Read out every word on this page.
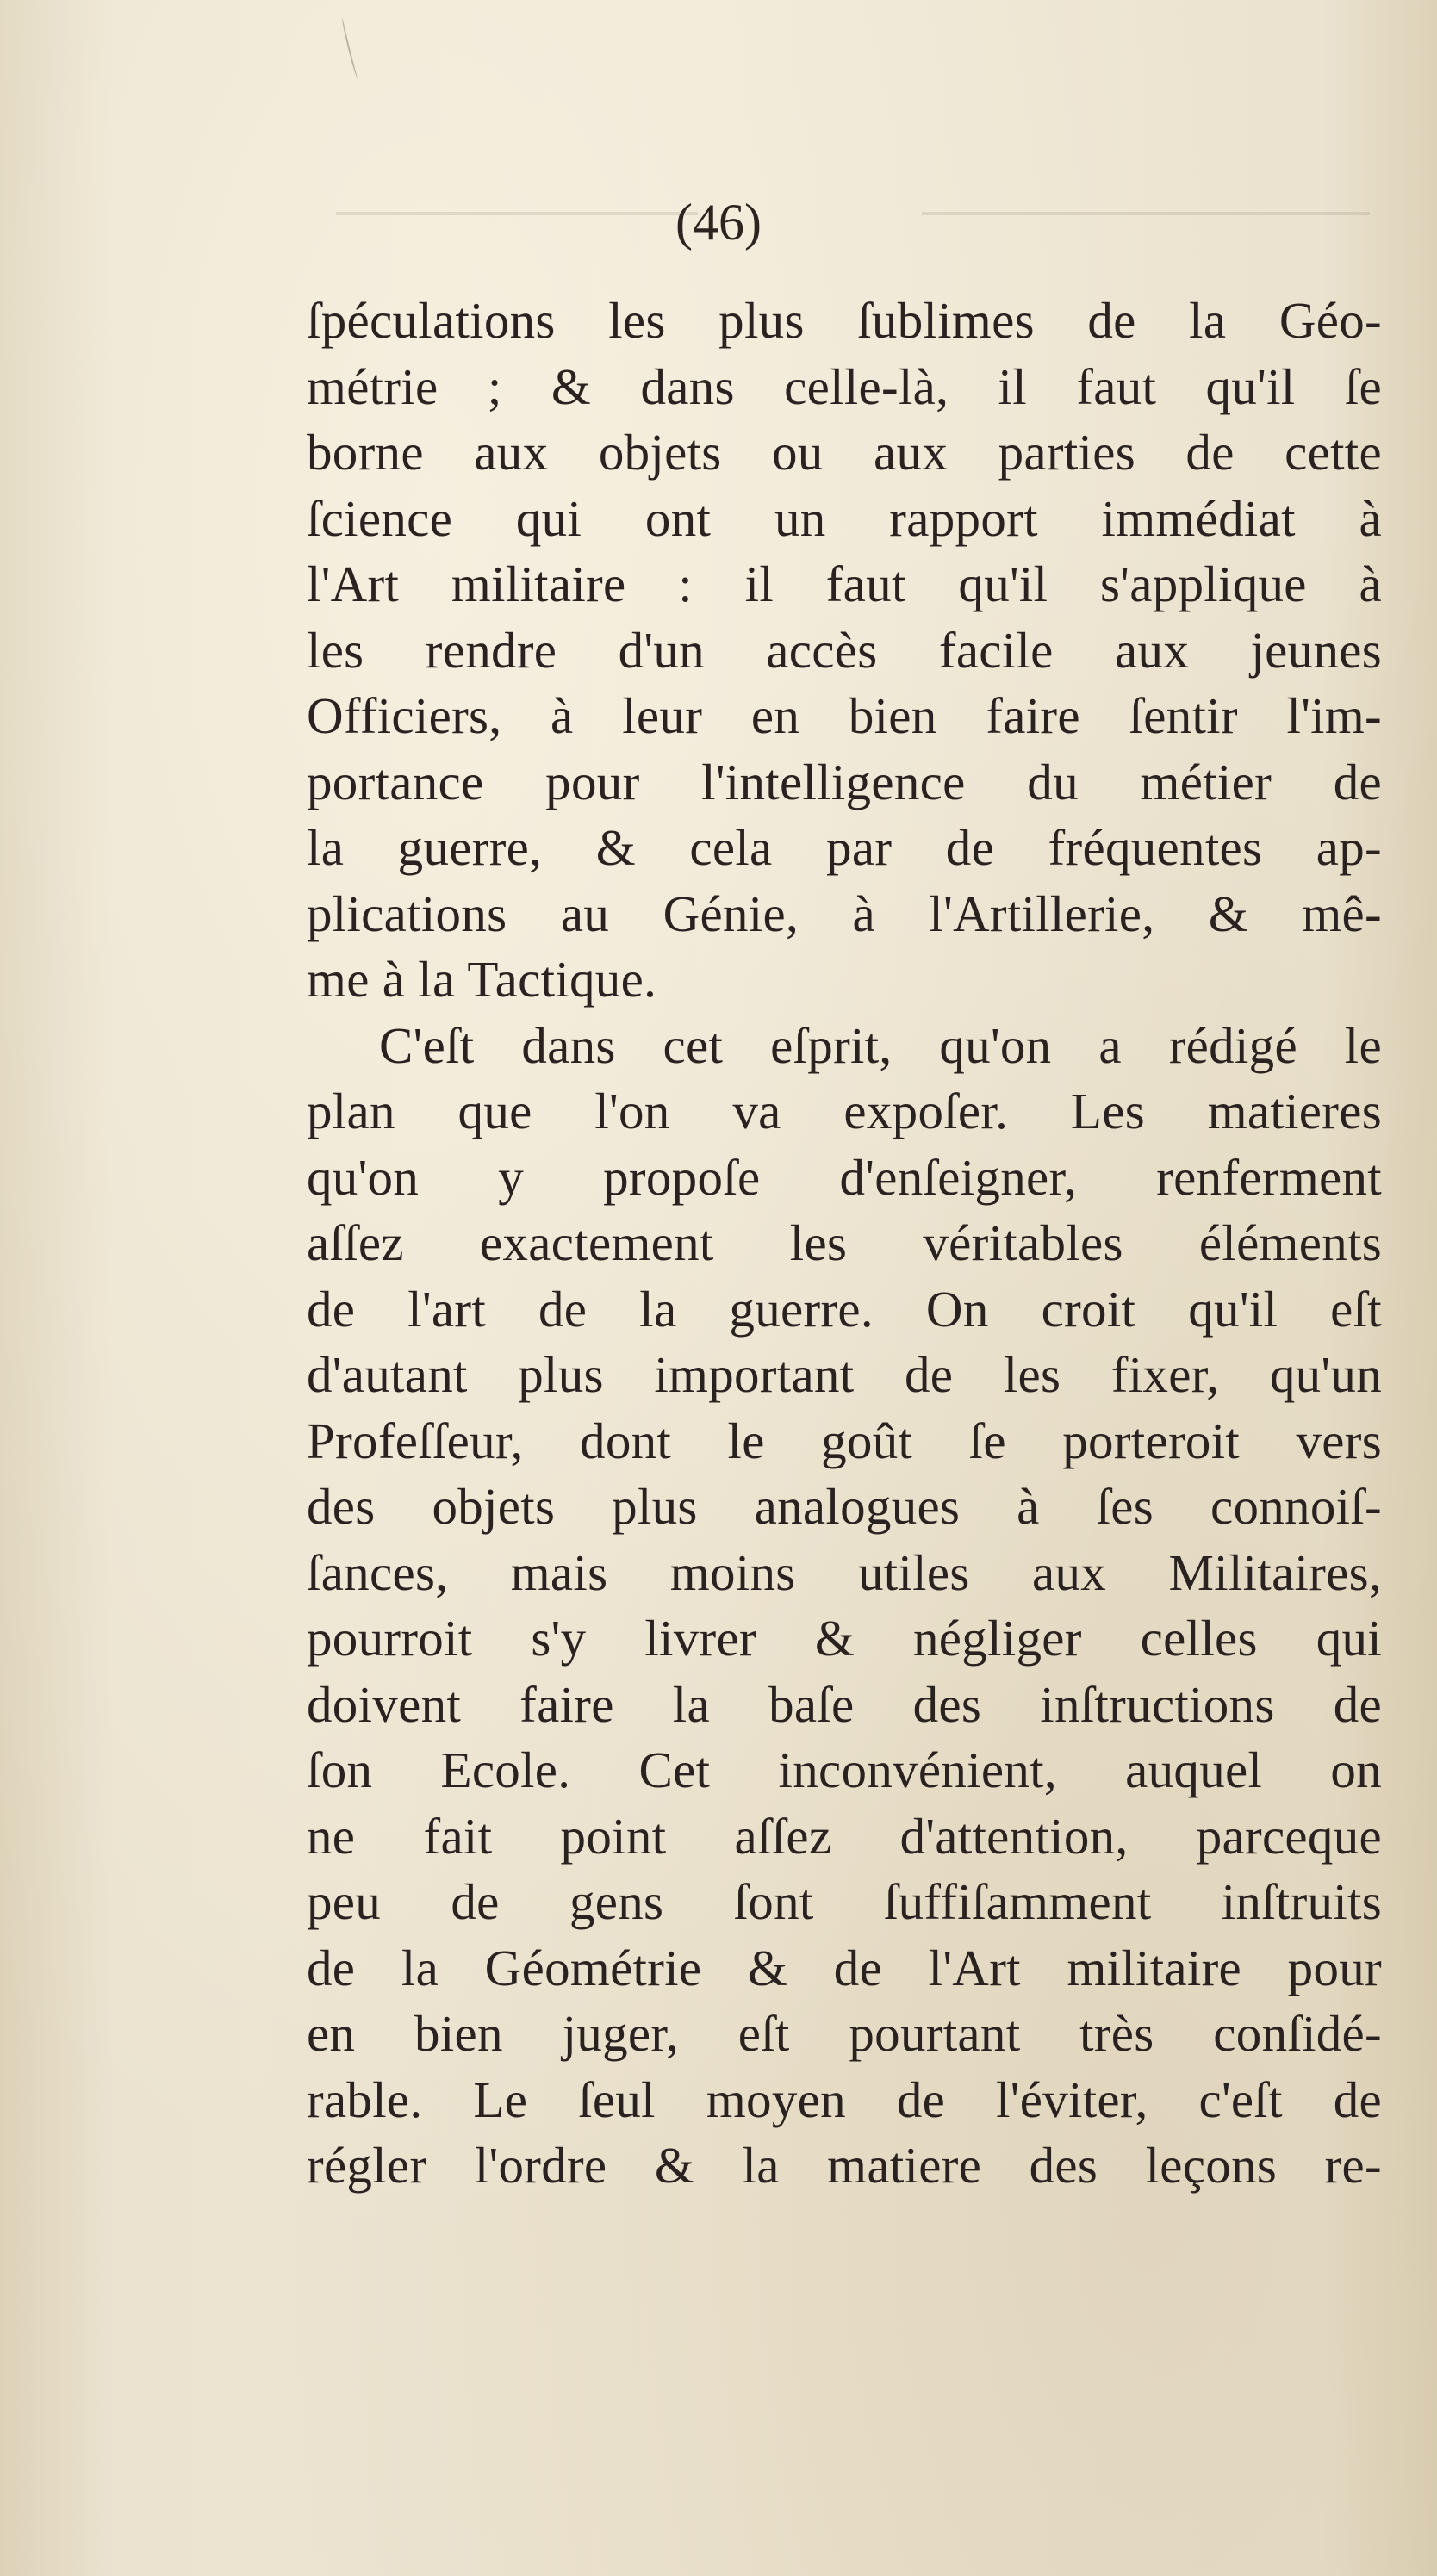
(46)
ſpéculations les plus ſublimes de la Géo-
métrie ; & dans celle-là, il faut qu'il ſe
borne aux objets ou aux parties de cette
ſcience qui ont un rapport immédiat à
l'Art militaire : il faut qu'il s'applique à
les rendre d'un accès facile aux jeunes
Officiers, à leur en bien faire ſentir l'im-
portance pour l'intelligence du métier de
la guerre, & cela par de fréquentes ap-
plications au Génie, à l'Artillerie, & mê-
me à la Tactique.
C'eſt dans cet eſprit, qu'on a rédigé le
plan que l'on va expoſer. Les matieres
qu'on y propoſe d'enſeigner, renferment
aſſez exactement les véritables éléments
de l'art de la guerre. On croit qu'il eſt
d'autant plus important de les fixer, qu'un
Profeſſeur, dont le goût ſe porteroit vers
des objets plus analogues à ſes connoiſ-
ſances, mais moins utiles aux Militaires,
pourroit s'y livrer & négliger celles qui
doivent faire la baſe des inſtructions de
ſon Ecole. Cet inconvénient, auquel on
ne fait point aſſez d'attention, parceque
peu de gens ſont ſuffiſamment inſtruits
de la Géométrie & de l'Art militaire pour
en bien juger, eſt pourtant très conſidé-
rable. Le ſeul moyen de l'éviter, c'eſt de
régler l'ordre & la matiere des leçons re-
